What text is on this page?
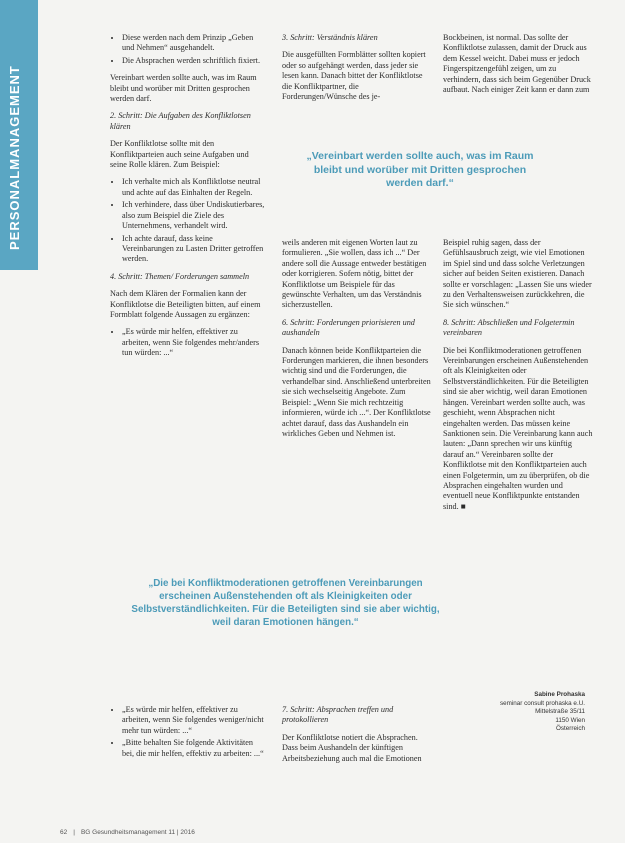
PERSONALMANAGEMENT
• Diese werden nach dem Prinzip „Geben und Nehmen“ ausgehandelt.
• Die Absprachen werden schriftlich fixiert.

Vereinbart werden sollte auch, was im Raum bleibt und worüber mit Dritten gesprochen werden darf.

2. Schritt: Die Aufgaben des Konfliktlotsen klären

Der Konfliktlotse sollte mit den Konfliktparteien auch seine Aufgaben und seine Rolle klären. Zum Beispiel:

• Ich verhalte mich als Konfliktlotse neutral und achte auf das Einhalten der Regeln.
• Ich verhindere, dass über Undiskutierbares, also zum Beispiel die Ziele des Unternehmens, verhandelt wird.
• Ich achte darauf, dass keine Vereinbarungen zu Lasten Dritter getroffen werden.
4. Schritt: Themen/ Forderungen sammeln

Nach dem Klären der Formalien kann der Konfliktlotse die Beteiligten bitten, auf einem Formblatt folgende Aussagen zu ergänzen:

• „Es würde mir helfen, effektiver zu arbeiten, wenn Sie folgendes mehr/anders tun würden: ...“
3. Schritt: Verständnis klären

Die ausgefüllten Formblätter sollten kopiert oder so aufgehängt werden, dass jeder sie lesen kann. Danach bittet der Konfliktlotse die Konfliktpartner, die Forderungen/Wünsche des je-

Bockbeinen, ist normal. Das sollte der Konfliktlotse zulassen, damit der Druck aus dem Kessel weicht. Dabei muss er jedoch Fingerspitzengefühl zeigen, um zu verhindern, dass sich beim Gegenüber Druck aufbaut. Nach einiger Zeit kann er dann zum

„Vereinbart werden sollte auch, was im Raum bleibt und worüber mit Dritten gesprochen werden darf.“

weils anderen mit eigenen Worten laut zu formulieren. „Sie wollen, dass ich ...“ Der andere soll die Aussage entweder bestätigen oder korrigieren. Sofern nötig, bittet der Konfliktlotse um Beispiele für das gewünschte Verhalten, um das Verständnis sicherzustellen.

6. Schritt: Forderungen priorisieren und aushandeln

Danach können beide Konfliktparteien die Forderungen markieren, die ihnen besonders wichtig sind und die Forderungen, die verhandelbar sind. Anschließend unterbreiten sie sich wechselseitig Angebote. Zum Beispiel: „Wenn Sie mich rechtzeitig informieren, würde ich ...“. Der Konfliktlotse achtet darauf, dass das Aushandeln ein wirkliches Geben und Nehmen ist.

Beispiel ruhig sagen, dass der Gefühlsausbruch zeigt, wie viel Emotionen im Spiel sind und dass solche Verletzungen sicher auf beiden Seiten existieren. Danach sollte er vorschlagen: „Lassen Sie uns wieder zu den Verhaltensweisen zurückkehren, die Sie sich wünschen.“

8. Schritt: Abschließen und Folgetermin vereinbaren

Die bei Konfliktmoderationen getroffenen Vereinbarungen erscheinen Außenstehenden oft als Kleinigkeiten oder Selbstverständlichkeiten. Für die Beteiligten sind sie aber wichtig, weil daran Emotionen hängen. Vereinbart werden sollte auch, was geschieht, wenn Absprachen nicht eingehalten werden. Das müssen keine Sanktionen sein. Die Vereinbarung kann auch lauten: „Dann sprechen wir uns künftig darauf an.“ Vereinbaren sollte der Konfliktlotse mit den Konfliktparteien auch einen Folgetermin, um zu überprüfen, ob die Absprachen eingehalten wurden und eventuell neue Konfliktpunkte entstanden sind. ■

„Die bei Konfliktmoderationen getroffenen Vereinbarungen erscheinen Außenstehenden oft als Kleinigkeiten oder Selbstverständlichkeiten. Für die Beteiligten sind sie aber wichtig, weil daran Emotionen hängen.“
Sabine Prohaska
seminar consult prohaska e.U.
Mittelstraße 35/11
1150 Wien
Österreich
• „Es würde mir helfen, effektiver zu arbeiten, wenn Sie folgendes weniger/nicht mehr tun würden: ...“
• „Bitte behalten Sie folgende Aktivitäten bei, die mir helfen, effektiv zu arbeiten: ...“
7. Schritt: Absprachen treffen und protokollieren

Der Konfliktlotse notiert die Absprachen. Dass beim Aushandeln der künftigen Arbeitsbeziehung auch mal die Emotionen

62 | BG Gesundheitsmanagement 11 | 2016
